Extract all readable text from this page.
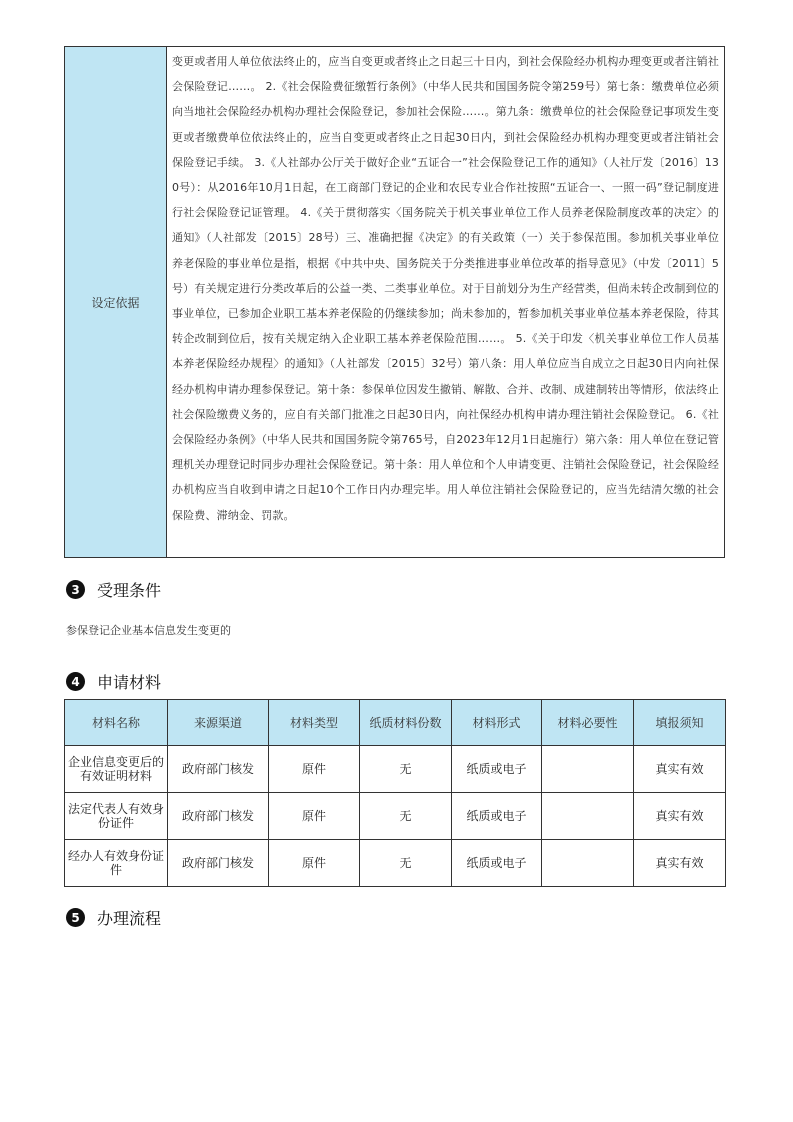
设定依据	变更或者用人单位依法终止的，应当自变更或者终止之日起三十日内，到社会保险经办机构办理变更或者注销社会保险登记……。 2.《社会保险费征缴暂行条例》（中华人民共和国国务院令第259号）第七条：缴费单位必须向当地社会保险经办机构办理社会保险登记，参加社会保险……。第九条：缴费单位的社会保险登记事项发生变更或者缴费单位依法终止的，应当自变更或者终止之日起30日内，到社会保险经办机构办理变更或者注销社会保险登记手续。 3.《人社部办公厅关于做好企业“五证合一”社会保险登记工作的通知》（人社厅发〔2016〕130号）：从2016年10月1日起，在工商部门登记的企业和农民专业合作社按照“五证合一、一照一码”登记制度进行社会保险登记证管理。 4.《关于贯彻落实〈国务院关于机关事业单位工作人员养老保险制度改革的决定〉的通知》（人社部发〔2015〕28号）三、准确把握《决定》的有关政策（一）关于参保范围。参加机关事业单位养老保险的事业单位是指，根据《中共中央、国务院关于分类推进事业单位改革的指导意见》（中发〔2011〕5号）有关规定进行分类改革后的公益一类、二类事业单位。对于目前划分为生产经营类，但尚未转企改制到位的事业单位，已参加企业职工基本养老保险的仍继续参加；尚未参加的，暂参加机关事业单位基本养老保险，待其转企改制到位后，按有关规定纳入企业职工基本养老保险范围……。 5.《关于印发〈机关事业单位工作人员基本养老保险经办规程〉的通知》（人社部发〔2015〕32号）第八条：用人单位应当自成立之日起30日内向社保经办机构申请办理参保登记。第十条：参保单位因发生撤销、解散、合并、改制、成建制转出等情形，依法终止社会保险缴费义务的，应自有关部门批准之日起30日内，向社保经办机构申请办理注销社会保险登记。 6.《社会保险经办条例》（中华人民共和国国务院令第765号，自2023年12月1日起施行）第六条：用人单位在登记管理机关办理登记时同步办理社会保险登记。第十条：用人单位和个人申请变更、注销社会保险登记，社会保险经办机构应当自收到申请之日起10个工作日内办理完毕。用人单位注销社会保险登记的，应当先结清欠缴的社会保险费、滞纳金、罚款。
3	受理条件
参保登记企业基本信息发生变更的
4	申请材料
材料名称	来源渠道	材料类型	纸质材料份数	材料形式	材料必要性	填报须知
企业信息变更后的有效证明材料	政府部门核发	原件	无	纸质或电子		真实有效
法定代表人有效身份证件	政府部门核发	原件	无	纸质或电子		真实有效
经办人有效身份证件	政府部门核发	原件	无	纸质或电子		真实有效
5	办理流程
